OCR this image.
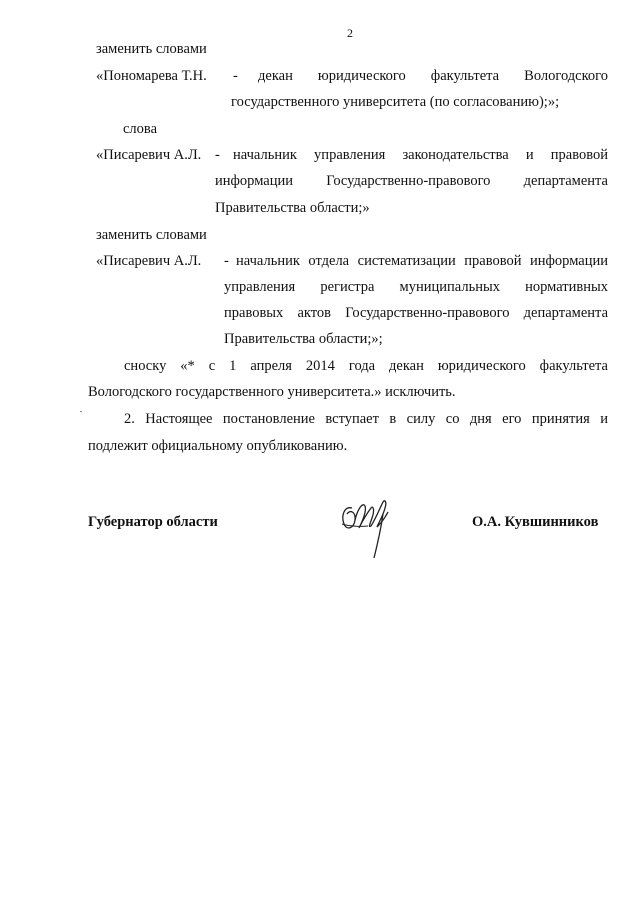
2
заменить словами
«Пономарева Т.Н. - декан юридического факультета Вологодского
государственного университета (по согласованию);»;
слова
«Писаревич А.Л. - начальник управления законодательства и правовой
информации Государственно-правового департамента
Правительства области;»
заменить словами
«Писаревич А.Л. - начальник отдела систематизации правовой информации
управления регистра муниципальных нормативных
правовых актов Государственно-правового департамента
Правительства области;»;
сноску «* с 1 апреля 2014 года декан юридического факультета
Вологодского государственного университета.» исключить.
2. Настоящее постановление вступает в силу со дня его принятия и
подлежит официальному опубликованию.
Губернатор области	О.А. Кувшинников
